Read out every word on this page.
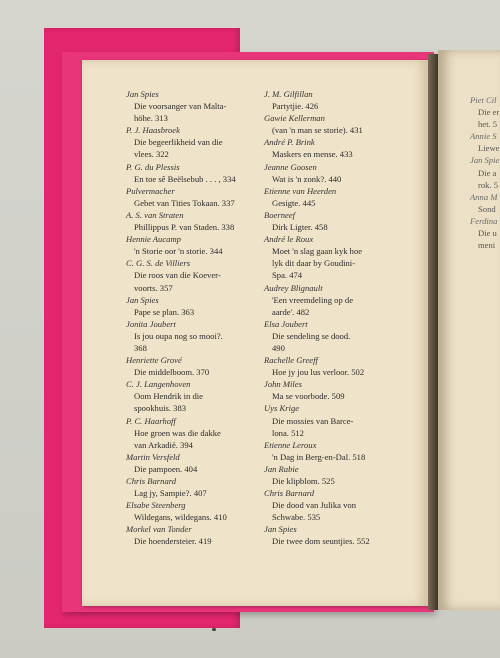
Jan Spies
Die voorsanger van Malta-
höhe. 313
P. J. Haasbroek
Die begeerlikheid van die
vlees. 322
P. G. du Plessis
En toe sê Beëlsebub . . . , 334
Pulvermacher
Gebet van Tities Tokaan. 337
A. S. van Straten
Phillippus P. van Staden. 338
Hennie Aucamp
'n Storie oor 'n storie. 344
C. G. S. de Villiers
Die roos van die Koever-
voorts. 357
Jan Spies
Pape se plan. 363
Jonita Joubert
Is jou oupa nog so mooi?.
368
Henriette Grové
Die middelboom. 370
C. J. Langenhoven
Oom Hendrik in die
spookhuis. 383
P. C. Haarhoff
Hoe groen was die dakke
van Arkadië. 394
Martin Versfeld
Die pampoen. 404
Chris Barnard
Lag jy, Sampie?. 407
Elsabe Steenberg
Wildegans, wildegans. 410
Morkel van Tonder
Die hoendersteier. 419
J. M. Gilfillan
Partytjie. 426
Gawie Kellerman
(van 'n man se storie). 431
André P. Brink
Maskers en mense. 433
Jeanne Goosen
Wat is 'n zonk?. 440
Etienne van Heerden
Gesigte. 445
Boerneef
Dirk Ligter. 458
André le Roux
Moet 'n slag gaan kyk hoe
lyk dit daar by Goudini-
Spa. 474
Audrey Blignault
'Een vreemdeling op de
aarde'. 482
Elsa Joubert
Die sendeling se dood.
490
Rachelle Greeff
Hoe jy jou lus verloor. 502
John Miles
Ma se voorbode. 509
Uys Krige
Die mossies van Barce-
lona. 512
Etienne Leroux
'n Dag in Berg-en-Dal. 518
Jan Rabie
Die klipblom. 525
Chris Barnard
Die dood van Julika von
Schwabe. 535
Jan Spies
Die twee dom seuntjies. 552
Piet Cil
Die er
het. 5
Annie S
Liewe
Jan Spie
Die a
rok. 5
Anna M
Sond
Ferdina
Die u
meni
